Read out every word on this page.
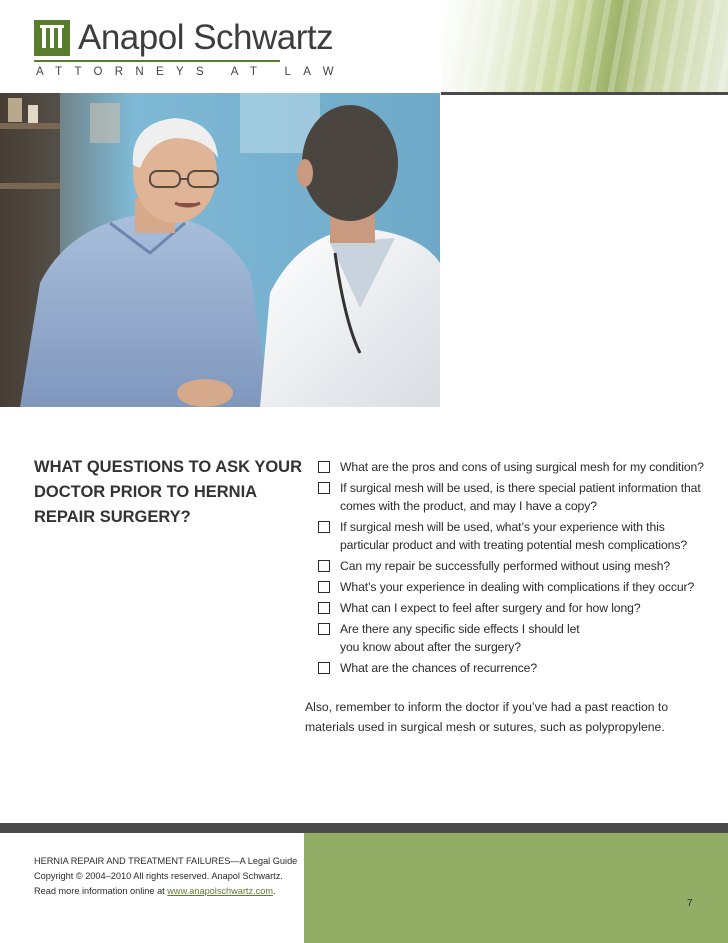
Anapol Schwartz
ATTORNEYS AT LAW
WHAT QUESTIONS TO ASK YOUR DOCTOR PRIOR TO HERNIA REPAIR SURGERY?
What are the pros and cons of using surgical mesh for my condition?
If surgical mesh will be used, is there special patient information that comes with the product, and may I have a copy?
If surgical mesh will be used, what’s your experience with this particular product and with treating potential mesh complications?
Can my repair be successfully performed without using mesh?
What’s your experience in dealing with complications if they occur?
What can I expect to feel after surgery and for how long?
Are there any specific side effects I should let you know about after the surgery?
What are the chances of recurrence?

Also, remember to inform the doctor if you’ve had a past reaction to materials used in surgical mesh or sutures, such as polypropylene.

HERNIA REPAIR AND TREATMENT FAILURES—A Legal Guide

Copyright © 2004–2010 All rights reserved. Anapol Schwartz.

Read more information online at www.anapolschwartz.com.

7
